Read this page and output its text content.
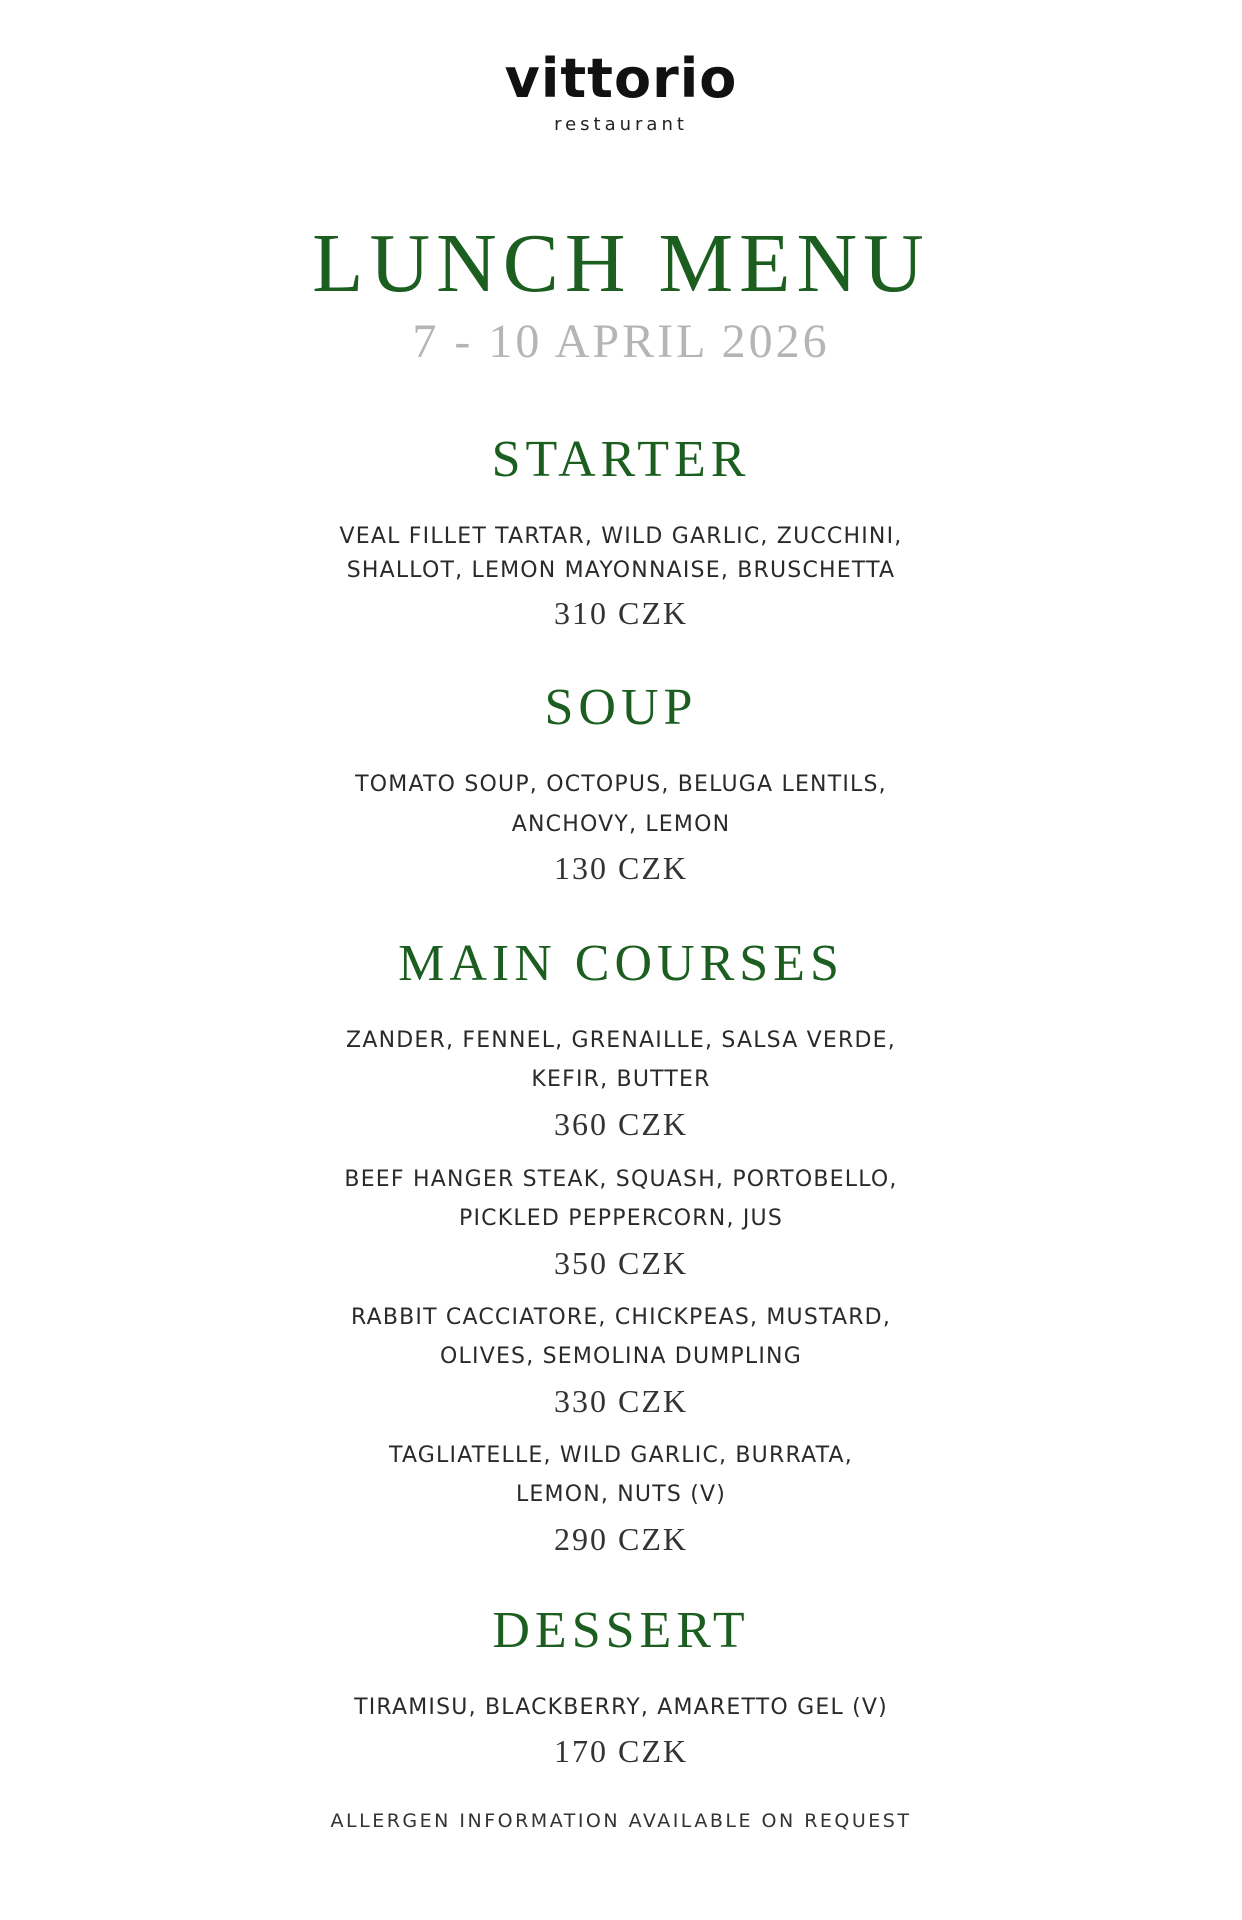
vittorio
restaurant
LUNCH MENU
7 - 10 APRIL 2026
STARTER
VEAL FILLET TARTAR, WILD GARLIC, ZUCCHINI,
SHALLOT, LEMON MAYONNAISE, BRUSCHETTA
310 CZK
SOUP
TOMATO SOUP, OCTOPUS, BELUGA LENTILS,
ANCHOVY, LEMON
130 CZK
MAIN COURSES
ZANDER, FENNEL, GRENAILLE, SALSA VERDE,
KEFIR, BUTTER
360 CZK
BEEF HANGER STEAK, SQUASH, PORTOBELLO,
PICKLED PEPPERCORN, JUS
350 CZK
RABBIT CACCIATORE, CHICKPEAS, MUSTARD,
OLIVES, SEMOLINA DUMPLING
330 CZK
TAGLIATELLE, WILD GARLIC, BURRATA,
LEMON, NUTS (V)
290 CZK
DESSERT
TIRAMISU, BLACKBERRY, AMARETTO GEL (V)
170 CZK
ALLERGEN INFORMATION AVAILABLE ON REQUEST
